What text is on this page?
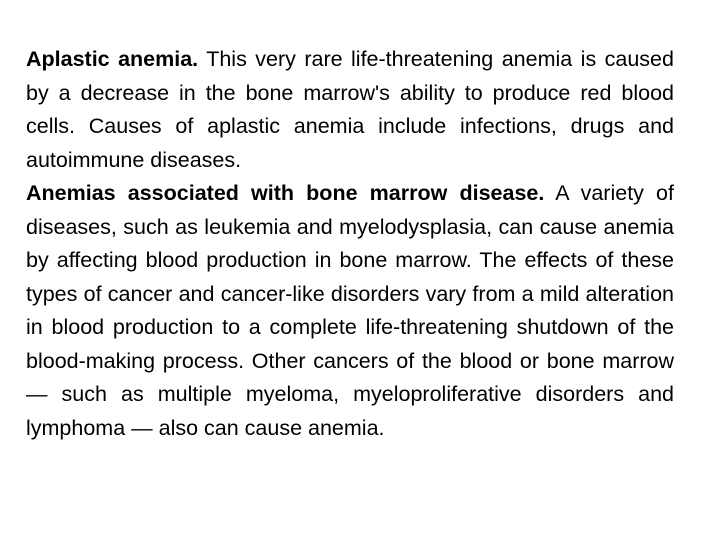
Aplastic anemia. This very rare life-threatening anemia is caused by a decrease in the bone marrow's ability to produce red blood cells. Causes of aplastic anemia include infections, drugs and autoimmune diseases.

Anemias associated with bone marrow disease. A variety of diseases, such as leukemia and myelodysplasia, can cause anemia by affecting blood production in bone marrow. The effects of these types of cancer and cancer-like disorders vary from a mild alteration in blood production to a complete life-threatening shutdown of the blood-making process. Other cancers of the blood or bone marrow — such as multiple myeloma, myeloproliferative disorders and lymphoma — also can cause anemia.
